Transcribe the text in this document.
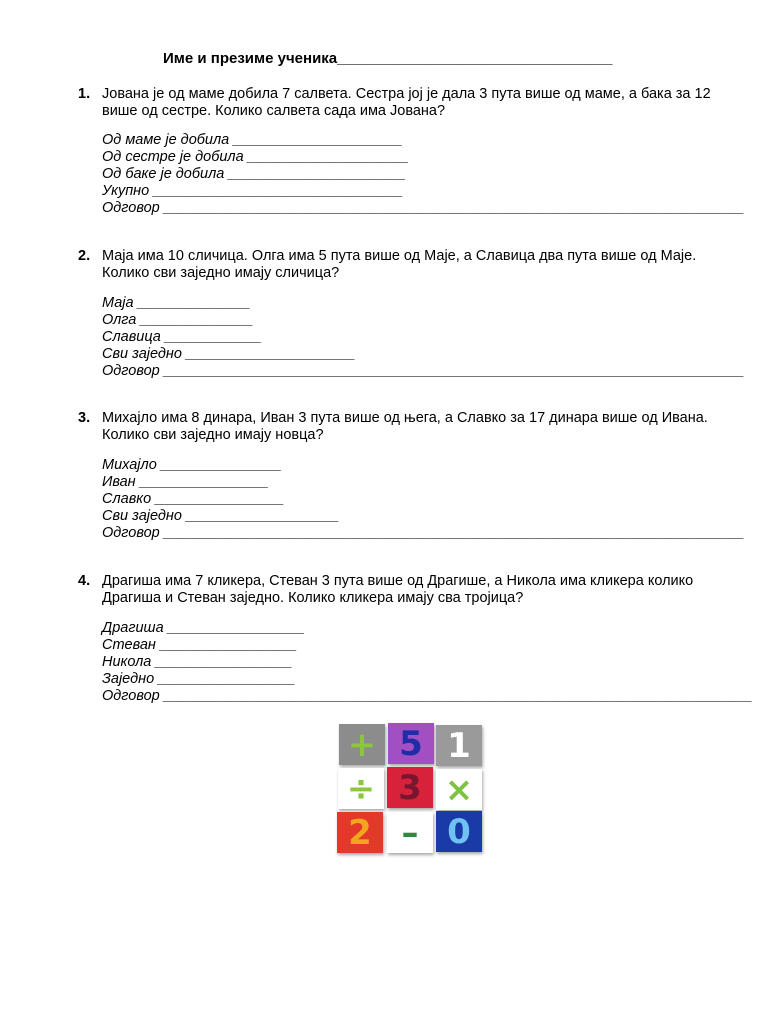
Име и презиме ученика_________________________________
1. Јована је од маме добила 7 салвета. Сестра јој је дала 3 пута више од маме, а бака за 12 више од сестре. Колико салвета сада има Јована?
Од маме је добила _____________________
Од сестре је добила ____________________
Од баке је добила ______________________
Укупно _______________________________
Одговор ________________________________________________________________________
2. Маја има 10 сличица. Олга има 5 пута више од Маје, а Славица два пута више од Маје. Колико сви заједно имају сличица?
Маја ______________
Олга ______________
Славица ____________
Сви заједно _____________________
Одговор ________________________________________________________________________
3. Михајло има 8 динара, Иван 3 пута више од њега, а Славко за 17 динара више од Ивана. Колико сви заједно имају новца?
Михајло _______________
Иван ________________
Славко ________________
Сви заједно ___________________
Одговор ________________________________________________________________________
4. Драгиша има 7 кликера, Стеван 3 пута више од Драгише, а Никола има кликера колико Драгиша и Стеван заједно. Колико кликера имају сва тројица?
Драгиша _________________
Стеван _________________
Никола _________________
Заједно _________________
Одговор _________________________________________________________________________
+ 5 1
÷ 3 ×
2 – 0
